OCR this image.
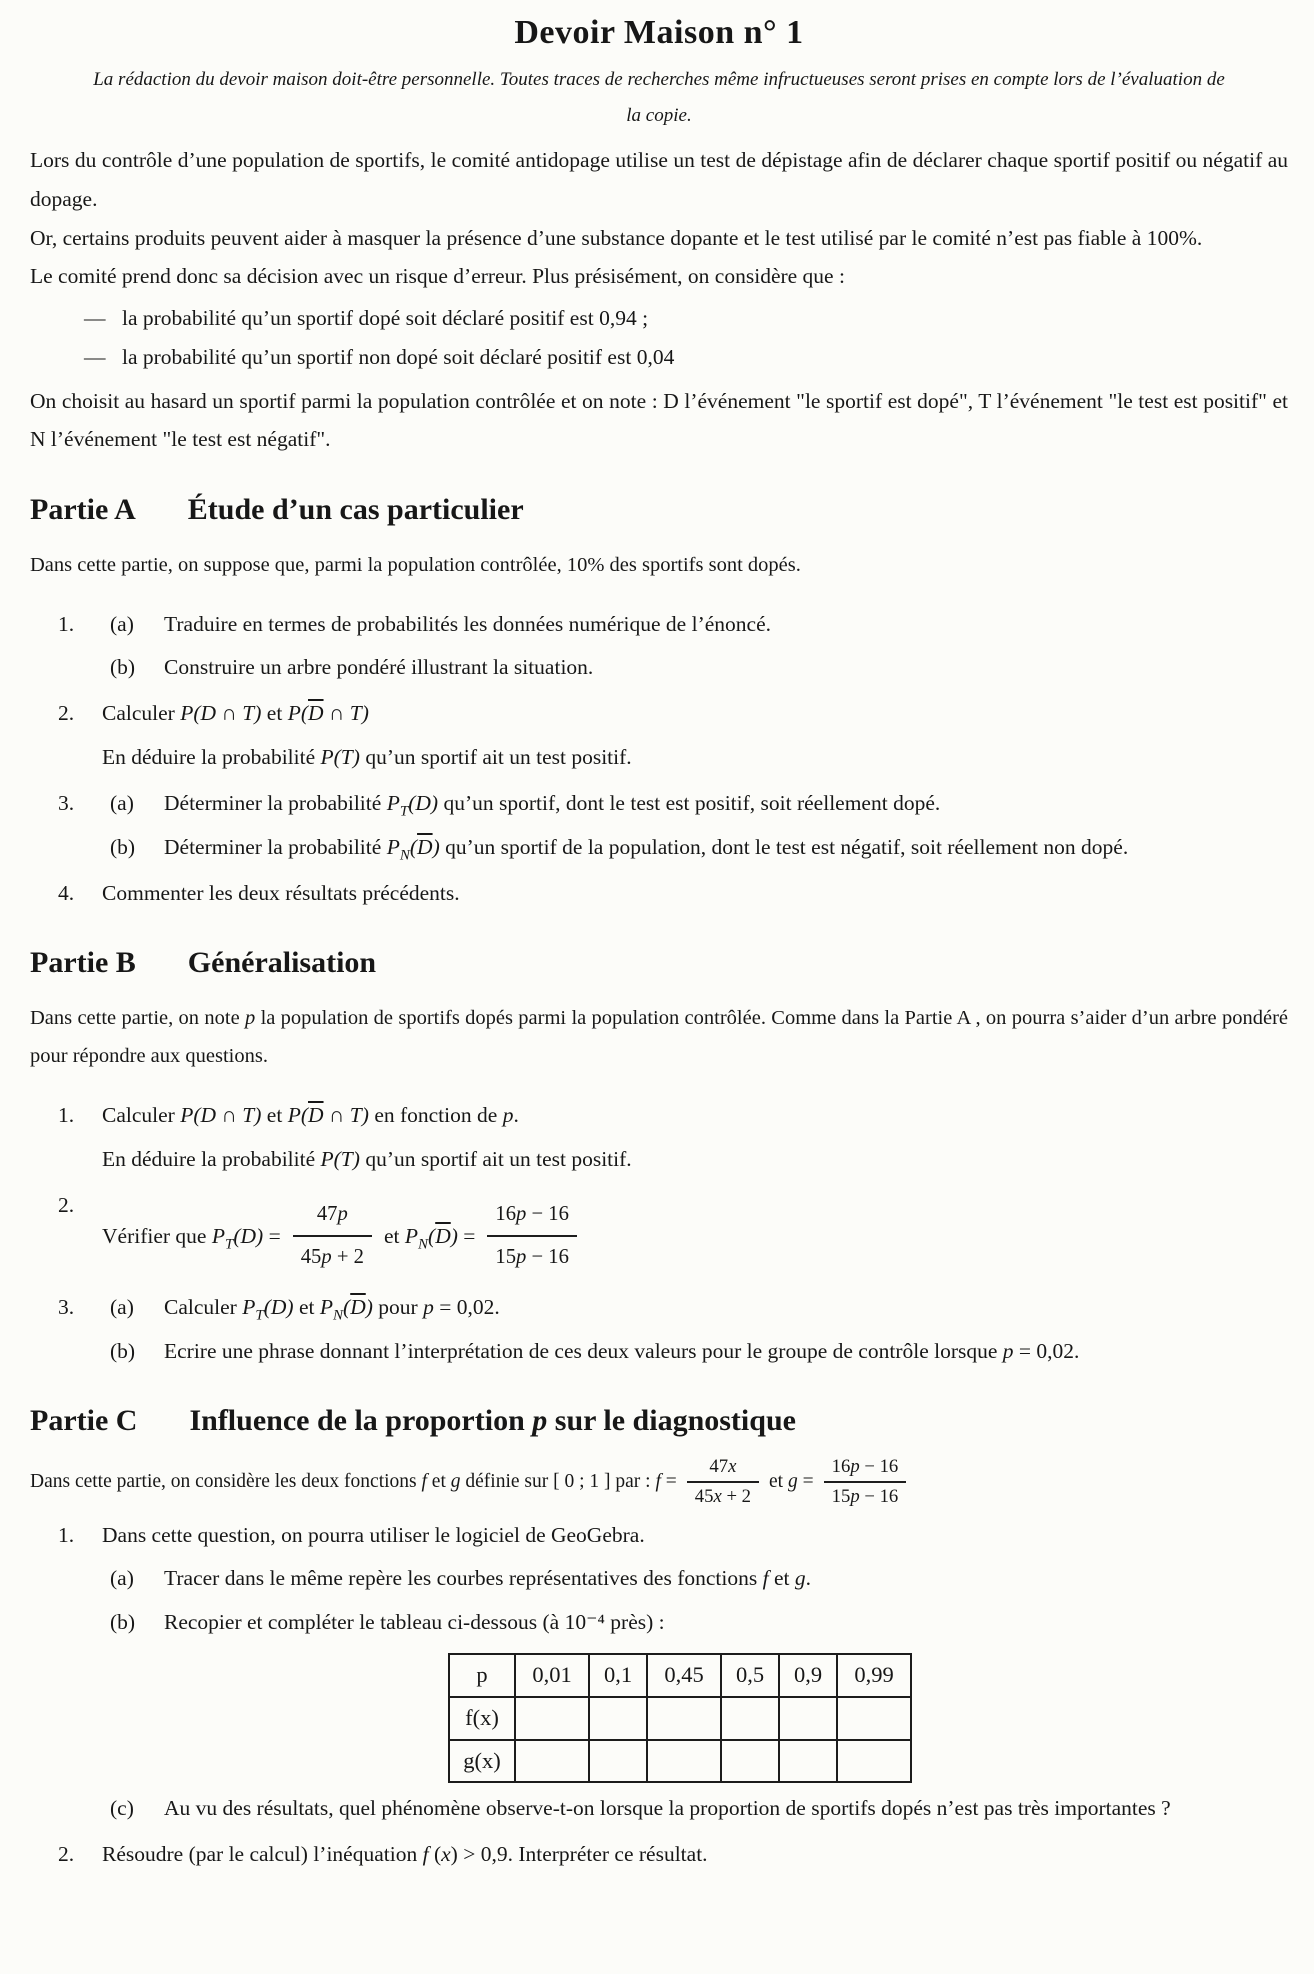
Devoir Maison n° 1

La rédaction du devoir maison doit-être personnelle. Toutes traces de recherches même infructueuses seront prises en compte lors de l’évaluation de
la copie.

Lors du contrôle d’une population de sportifs, le comité antidopage utilise un test de dépistage afin de déclarer chaque sportif positif ou négatif au dopage.

Or, certains produits peuvent aider à masquer la présence d’une substance dopante et le test utilisé par le comité n’est pas fiable à 100%.

Le comité prend donc sa décision avec un risque d’erreur. Plus présisément, on considère que :

— la probabilité qu’un sportif dopé soit déclaré positif est 0,94 ;
— la probabilité qu’un sportif non dopé soit déclaré positif est 0,04

On choisit au hasard un sportif parmi la population contrôlée et on note : D l’événement "le sportif est dopé", T l’événement "le test est positif" et N l’événement "le test est négatif".

Partie A Étude d’un cas particulier

Dans cette partie, on suppose que, parmi la population contrôlée, 10% des sportifs sont dopés.

1.	(a)	Traduire en termes de probabilités les données numérique de l’énoncé.
(b)	Construire un arbre pondéré illustrant la situation.
2.	Calculer P(D ∩ T) et $P(\overline{D}$ ∩ T)
En déduire la probabilité P(T) qu’un sportif ait un test positif.
3.	(a)	Déterminer la probabilité $P_T(D)$ qu’un sportif, dont le test est positif, soit réellement dopé.
(b)	Déterminer la probabilité $P_N(\overline{D})$ qu’un sportif de la population, dont le test est négatif, soit réellement non dopé.
4.	Commenter les deux résultats précédents.
Partie B Généralisation

Dans cette partie, on note p la population de sportifs dopés parmi la population contrôlée. Comme dans la Partie A , on pourra s’aider d’un arbre pondéré pour répondre aux questions.

1.	Calculer P(D ∩ T) et $P(\overline{D}$ ∩ T) en fonction de p.
En déduire la probabilité P(T) qu’un sportif ait un test positif.
2.
Vérifier que $P_T(D) = \frac{47p}{45p + 2}$ et $P_N(\overline{D}) = \frac{16p - 16}{15p - 16}$
3.	(a)	Calculer $P_T(D)$ et $P_N(\overline{D})$ pour p = 0,02.
(b)	Ecrire une phrase donnant l’interprétation de ces deux valeurs pour le groupe de contrôle lorsque p = 0,02.
Partie C Influence de la proportion p sur le diagnostique
Dans cette partie, on considère les deux fonctions f et g définie sur [ 0 ; 1 ] par : $f = \frac{47x}{45x + 2}$ et $g = \frac{16p - 16}{15p - 16}$
1.	Dans cette question, on pourra utiliser le logiciel de GeoGebra.
(a)	Tracer dans le même repère les courbes représentatives des fonctions f et g.
(b)	Recopier et compléter le tableau ci-dessous (à 10⁻⁴ près) :
p	0,01	0,1	0,45	0,5	0,9	0,99
f(x)						
g(x)						
(c)	Au vu des résultats, quel phénomène observe-t-on lorsque la proportion de sportifs dopés n’est pas très importantes ?
2.	Résoudre (par le calcul) l’inéquation f (x) > 0,9. Interpréter ce résultat.
